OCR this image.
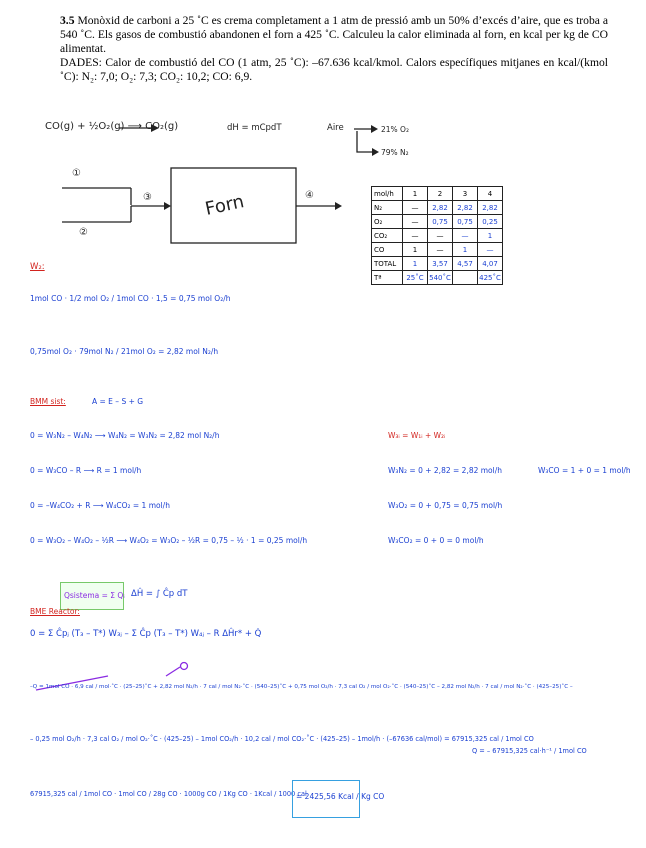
3.5 Monòxid de carboni a 25 ˚C es crema completament a 1 atm de pressió amb un 50% d’excés d’aire, que es troba a 540 ˚C. Els gasos de combustió abandonen el forn a 425 ˚C. Calculeu la calor eliminada al forn, en kcal per kg de CO alimentat.
DADES: Calor de combustió del CO (1 atm, 25 ˚C): –67.636 kcal/kmol. Calors específiques mitjanes en kcal/(kmol ˚C): N₂: 7,0; O₂: 7,3; CO₂: 10,2; CO: 6,9.
CO(g) + ½O₂(g) ⟶ CO₂(g)	dH = mCpdT	Aire	21% O₂
79% N₂
①
②
③	④
Forn	mol/h	1	2	3	4
N₂	—	2,82	2,82	2,82
O₂	—	0,75	0,75	0,25
CO₂	—	—	—	1
CO	1	—	1	—
TOTAL	1	3,57	4,57	4,07
Tª	25˚C	540˚C		425˚C
W₂:
1mol CO · 1/2 mol O₂ / 1mol CO · 1,5 = 0,75 mol O₂/h
0,75mol O₂ · 79mol N₂ / 21mol O₂ = 2,82 mol N₂/h
BMM sist:	A = E – S + G
0 = W₃N₂ – W₄N₂ ⟶ W₄N₂ = W₃N₂ = 2,82 mol N₂/h	W₃ᵢ = W₁ᵢ + W₂ᵢ
0 = W₃CO – R ⟶ R = 1 mol/h	W₃N₂ = 0 + 2,82 = 2,82 mol/h	W₃CO = 1 + 0 = 1 mol/h
0 = –W₄CO₂ + R ⟶ W₄CO₂ = 1 mol/h	W₃O₂ = 0 + 0,75 = 0,75 mol/h
0 = W₃O₂ – W₄O₂ – ½R ⟶ W₄O₂ = W₃O₂ – ½R = 0,75 – ½ · 1 = 0,25 mol/h	W₃CO₂ = 0 + 0 = 0 mol/h
Qsistema = Σ Qᵢ ΔĤ = ∫ Ĉp dT
BME Reactor:
0 = Σ Ĉpⱼ (T₃ – T*) W₃ⱼ – Σ Ĉp (T₃ – T*) W₄ⱼ – R ΔĤr* + Q̇
–Q = 1mol CO · 6,9 cal / mol·˚C · (25–25)˚C + 2,82 mol N₂/h · 7 cal / mol N₂·˚C · (540–25)˚C + 0,75 mol O₂/h · 7,3 cal O₂ / mol O₂·˚C · (540–25)˚C – 2,82 mol N₂/h · 7 cal / mol N₂·˚C · (425–25)˚C –
– 0,25 mol O₂/h · 7,3 cal O₂ / mol O₂·˚C · (425–25) – 1mol CO₂/h · 10,2 cal / mol CO₂·˚C · (425–25) – 1mol/h · (–67636 cal/mol) = 67915,325 cal / 1mol CO
Q = – 67915,325 cal·h⁻¹ / 1mol CO
67915,325 cal / 1mol CO · 1mol CO / 28g CO · 1000g CO / 1Kg CO · 1Kcal / 1000 cal
= 2425,56 Kcal / Kg CO
